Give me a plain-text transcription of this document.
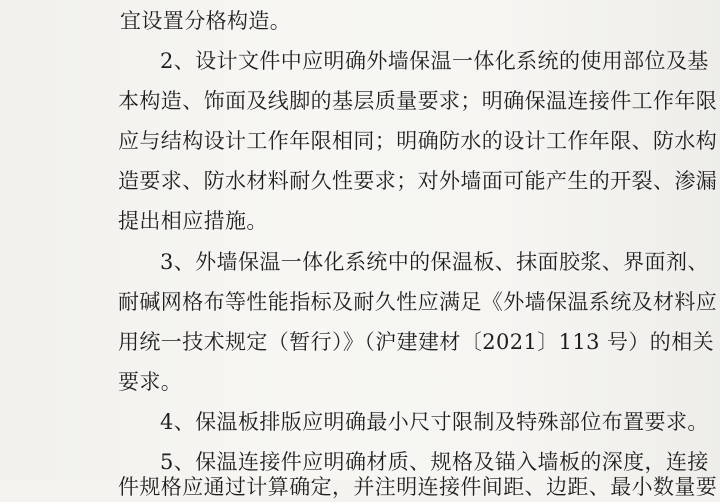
宜设置分格构造。
2、设计文件中应明确外墙保温一体化系统的使用部位及基
本构造、饰面及线脚的基层质量要求；明确保温连接件工作年限
应与结构设计工作年限相同；明确防水的设计工作年限、防水构
造要求、防水材料耐久性要求；对外墙面可能产生的开裂、渗漏
提出相应措施。
3、外墙保温一体化系统中的保温板、抹面胶浆、界面剂、
耐碱网格布等性能指标及耐久性应满足《外墙保温系统及材料应
用统一技术规定（暂行）》（沪建建材〔2021〕113 号）的相关
要求。
4、保温板排版应明确最小尺寸限制及特殊部位布置要求。
5、保温连接件应明确材质、规格及锚入墙板的深度，连接
件规格应通过计算确定，并注明连接件间距、边距、最小数量要
